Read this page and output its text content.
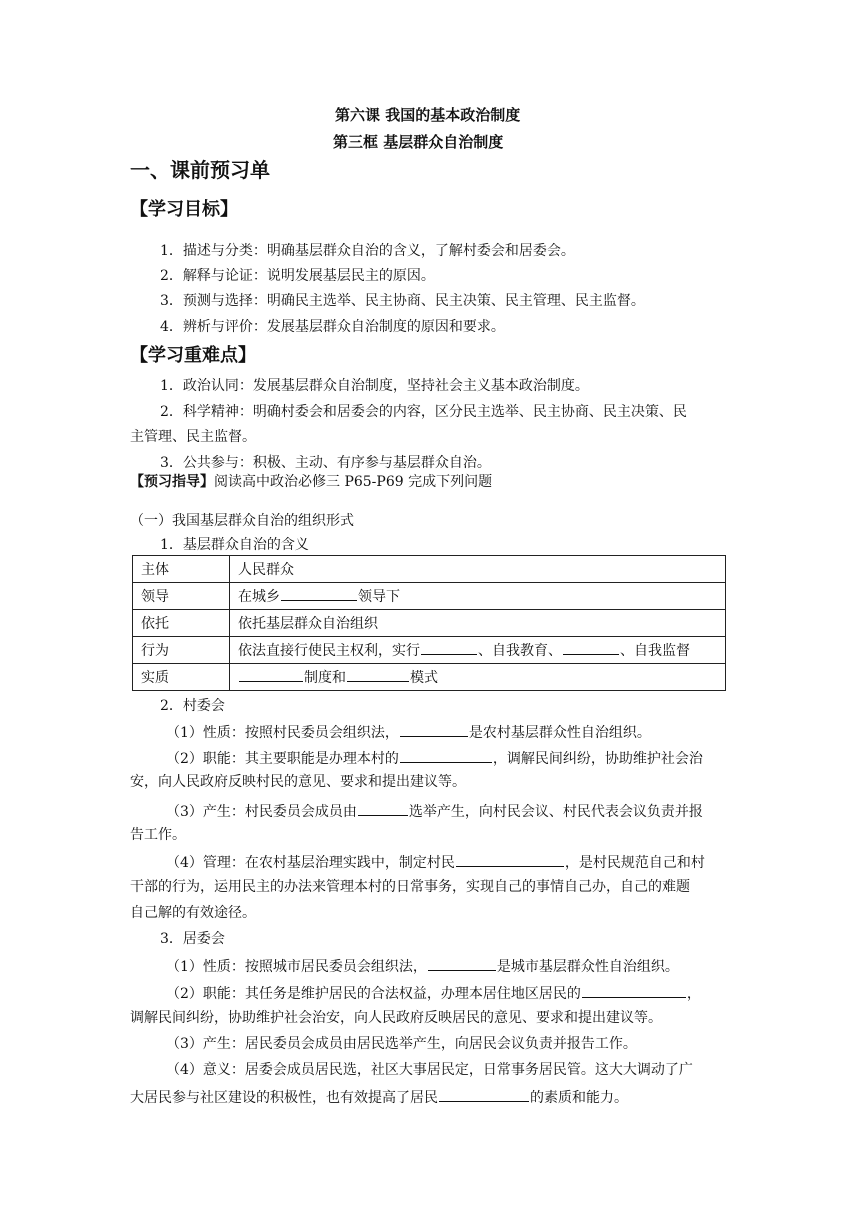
第六课 我国的基本政治制度
第三框 基层群众自治制度
一、课前预习单
【学习目标】
1．描述与分类：明确基层群众自治的含义，了解村委会和居委会。
2．解释与论证：说明发展基层民主的原因。
3．预测与选择：明确民主选举、民主协商、民主决策、民主管理、民主监督。
4．辨析与评价：发展基层群众自治制度的原因和要求。
【学习重难点】
1．政治认同：发展基层群众自治制度，坚持社会主义基本政治制度。
2．科学精神：明确村委会和居委会的内容，区分民主选举、民主协商、民主决策、民
主管理、民主监督。
3．公共参与：积极、主动、有序参与基层群众自治。
【预习指导】阅读高中政治必修三 P65-P69 完成下列问题
（一）我国基层群众自治的组织形式
1．基层群众自治的含义
主体	人民群众
领导	在城乡 领导下
依托	依托基层群众自治组织
行为	依法直接行使民主权利，实行 、自我教育、 、自我监督
实质	制度和 模式
2．村委会
（1）性质：按照村民委员会组织法，	是农村基层群众性自治组织。
（2）职能：其主要职能是办理本村的	，调解民间纠纷，协助维护社会治
安，向人民政府反映村民的意见、要求和提出建议等。
（3）产生：村民委员会成员由	选举产生，向村民会议、村民代表会议负责并报
告工作。
（4）管理：在农村基层治理实践中，制定村民	，是村民规范自己和村
干部的行为，运用民主的办法来管理本村的日常事务，实现自己的事情自己办，自己的难题
自己解的有效途径。
3．居委会
（1）性质：按照城市居民委员会组织法，	是城市基层群众性自治组织。
（2）职能：其任务是维护居民的合法权益，办理本居住地区居民的	，
调解民间纠纷，协助维护社会治安，向人民政府反映居民的意见、要求和提出建议等。
（3）产生：居民委员会成员由居民选举产生，向居民会议负责并报告工作。
（4）意义：居委会成员居民选，社区大事居民定，日常事务居民管。这大大调动了广
大居民参与社区建设的积极性，也有效提高了居民	的素质和能力。
